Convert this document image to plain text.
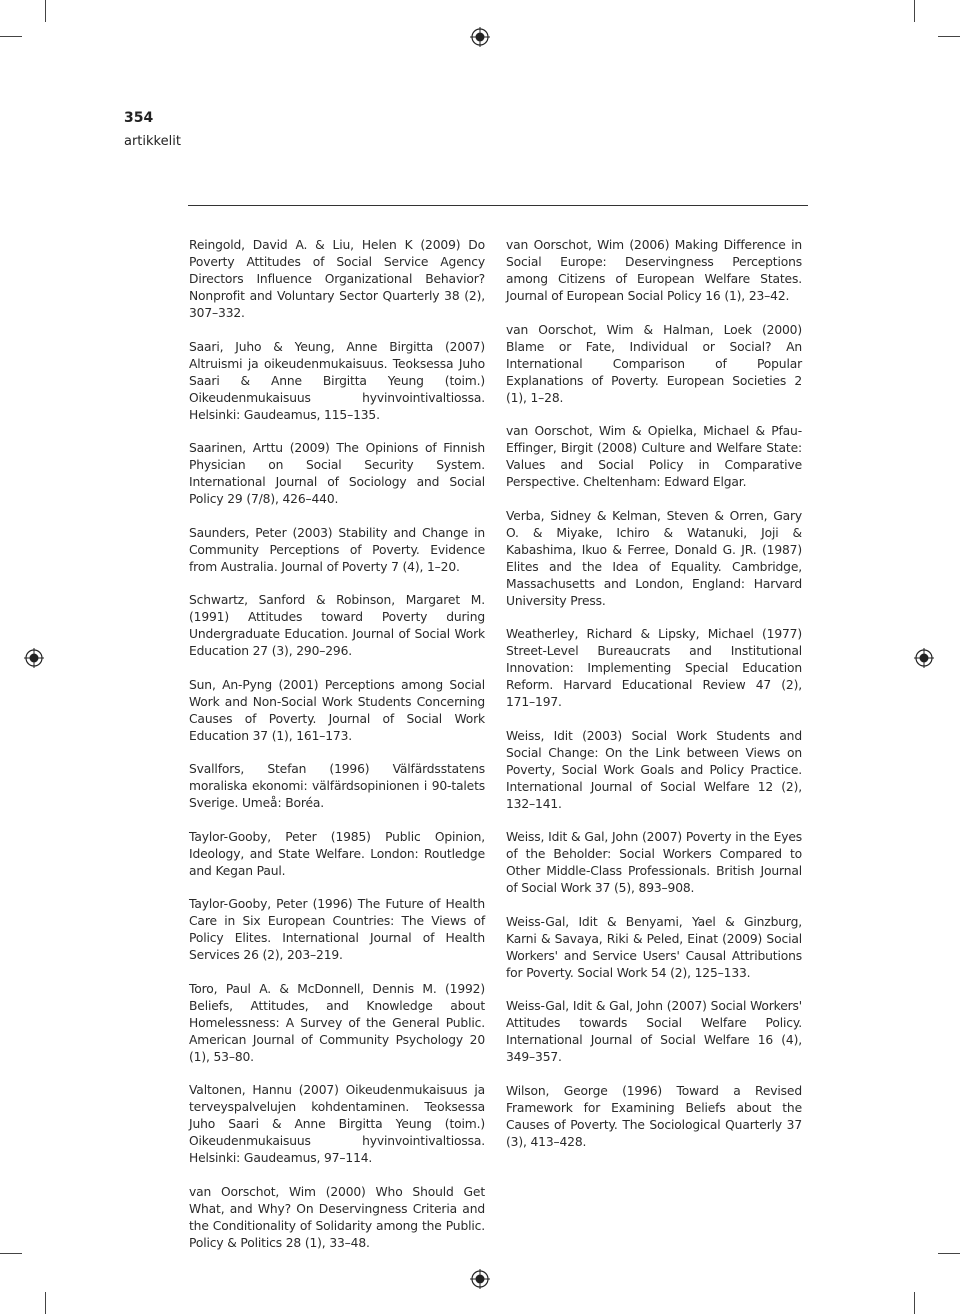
354
artikkelit

Reingold, David A. & Liu, Helen K (2009) Do Poverty Attitudes of Social Service Agency Directors Influence Organizational Behavior? Nonprofit and Voluntary Sector Quarterly 38 (2), 307–332.

Saari, Juho & Yeung, Anne Birgitta (2007) Altruismi ja oikeudenmukaisuus. Teoksessa Juho Saari & Anne Birgitta Yeung (toim.) Oikeudenmukaisuus hyvinvointivaltiossa. Helsinki: Gaudeamus, 115–135.

Saarinen, Arttu (2009) The Opinions of Finnish Physician on Social Security System. International Journal of Sociology and Social Policy 29 (7/8), 426–440.

Saunders, Peter (2003) Stability and Change in Community Perceptions of Poverty. Evidence from Australia. Journal of Poverty 7 (4), 1–20.

Schwartz, Sanford & Robinson, Margaret M. (1991) Attitudes toward Poverty during Undergraduate Education. Journal of Social Work Education 27 (3), 290–296.

Sun, An-Pyng (2001) Perceptions among Social Work and Non-Social Work Students Concerning Causes of Poverty. Journal of Social Work Education 37 (1), 161–173.

Svallfors, Stefan (1996) Välfärdsstatens moraliska ekonomi: välfärdsopinionen i 90-talets Sverige. Umeå: Boréa.

Taylor-Gooby, Peter (1985) Public Opinion, Ideology, and State Welfare. London: Routledge and Kegan Paul.

Taylor-Gooby, Peter (1996) The Future of Health Care in Six European Countries: The Views of Policy Elites. International Journal of Health Services 26 (2), 203–219.

Toro, Paul A. & McDonnell, Dennis M. (1992) Beliefs, Attitudes, and Knowledge about Homelessness: A Survey of the General Public. American Journal of Community Psychology 20 (1), 53–80.

Valtonen, Hannu (2007) Oikeudenmukaisuus ja terveyspalvelujen kohdentaminen. Teoksessa Juho Saari & Anne Birgitta Yeung (toim.) Oikeudenmukaisuus hyvinvointivaltiossa. Helsinki: Gaudeamus, 97–114.

van Oorschot, Wim (2000) Who Should Get What, and Why? On Deservingness Criteria and the Conditionality of Solidarity among the Public. Policy & Politics 28 (1), 33–48.

van Oorschot, Wim (2006) Making Difference in Social Europe: Deservingness Perceptions among Citizens of European Welfare States. Journal of European Social Policy 16 (1), 23–42.

van Oorschot, Wim & Halman, Loek (2000) Blame or Fate, Individual or Social? An International Comparison of Popular Explanations of Poverty. European Societies 2 (1), 1–28.

van Oorschot, Wim & Opielka, Michael & Pfau-Effinger, Birgit (2008) Culture and Welfare State: Values and Social Policy in Comparative Perspective. Cheltenham: Edward Elgar.

Verba, Sidney & Kelman, Steven & Orren, Gary O. & Miyake, Ichiro & Watanuki, Joji & Kabashima, Ikuo & Ferree, Donald G. JR. (1987) Elites and the Idea of Equality. Cambridge, Massachusetts and London, England: Harvard University Press.

Weatherley, Richard & Lipsky, Michael (1977) Street-Level Bureaucrats and Institutional Innovation: Implementing Special Education Reform. Harvard Educational Review 47 (2), 171–197.

Weiss, Idit (2003) Social Work Students and Social Change: On the Link between Views on Poverty, Social Work Goals and Policy Practice. International Journal of Social Welfare 12 (2), 132–141.

Weiss, Idit & Gal, John (2007) Poverty in the Eyes of the Beholder: Social Workers Compared to Other Middle-Class Professionals. British Journal of Social Work 37 (5), 893–908.

Weiss-Gal, Idit & Benyami, Yael & Ginzburg, Karni & Savaya, Riki & Peled, Einat (2009) Social Workers' and Service Users' Causal Attributions for Poverty. Social Work 54 (2), 125–133.

Weiss-Gal, Idit & Gal, John (2007) Social Workers' Attitudes towards Social Welfare Policy. International Journal of Social Welfare 16 (4), 349–357.

Wilson, George (1996) Toward a Revised Framework for Examining Beliefs about the Causes of Poverty. The Sociological Quarterly 37 (3), 413–428.
